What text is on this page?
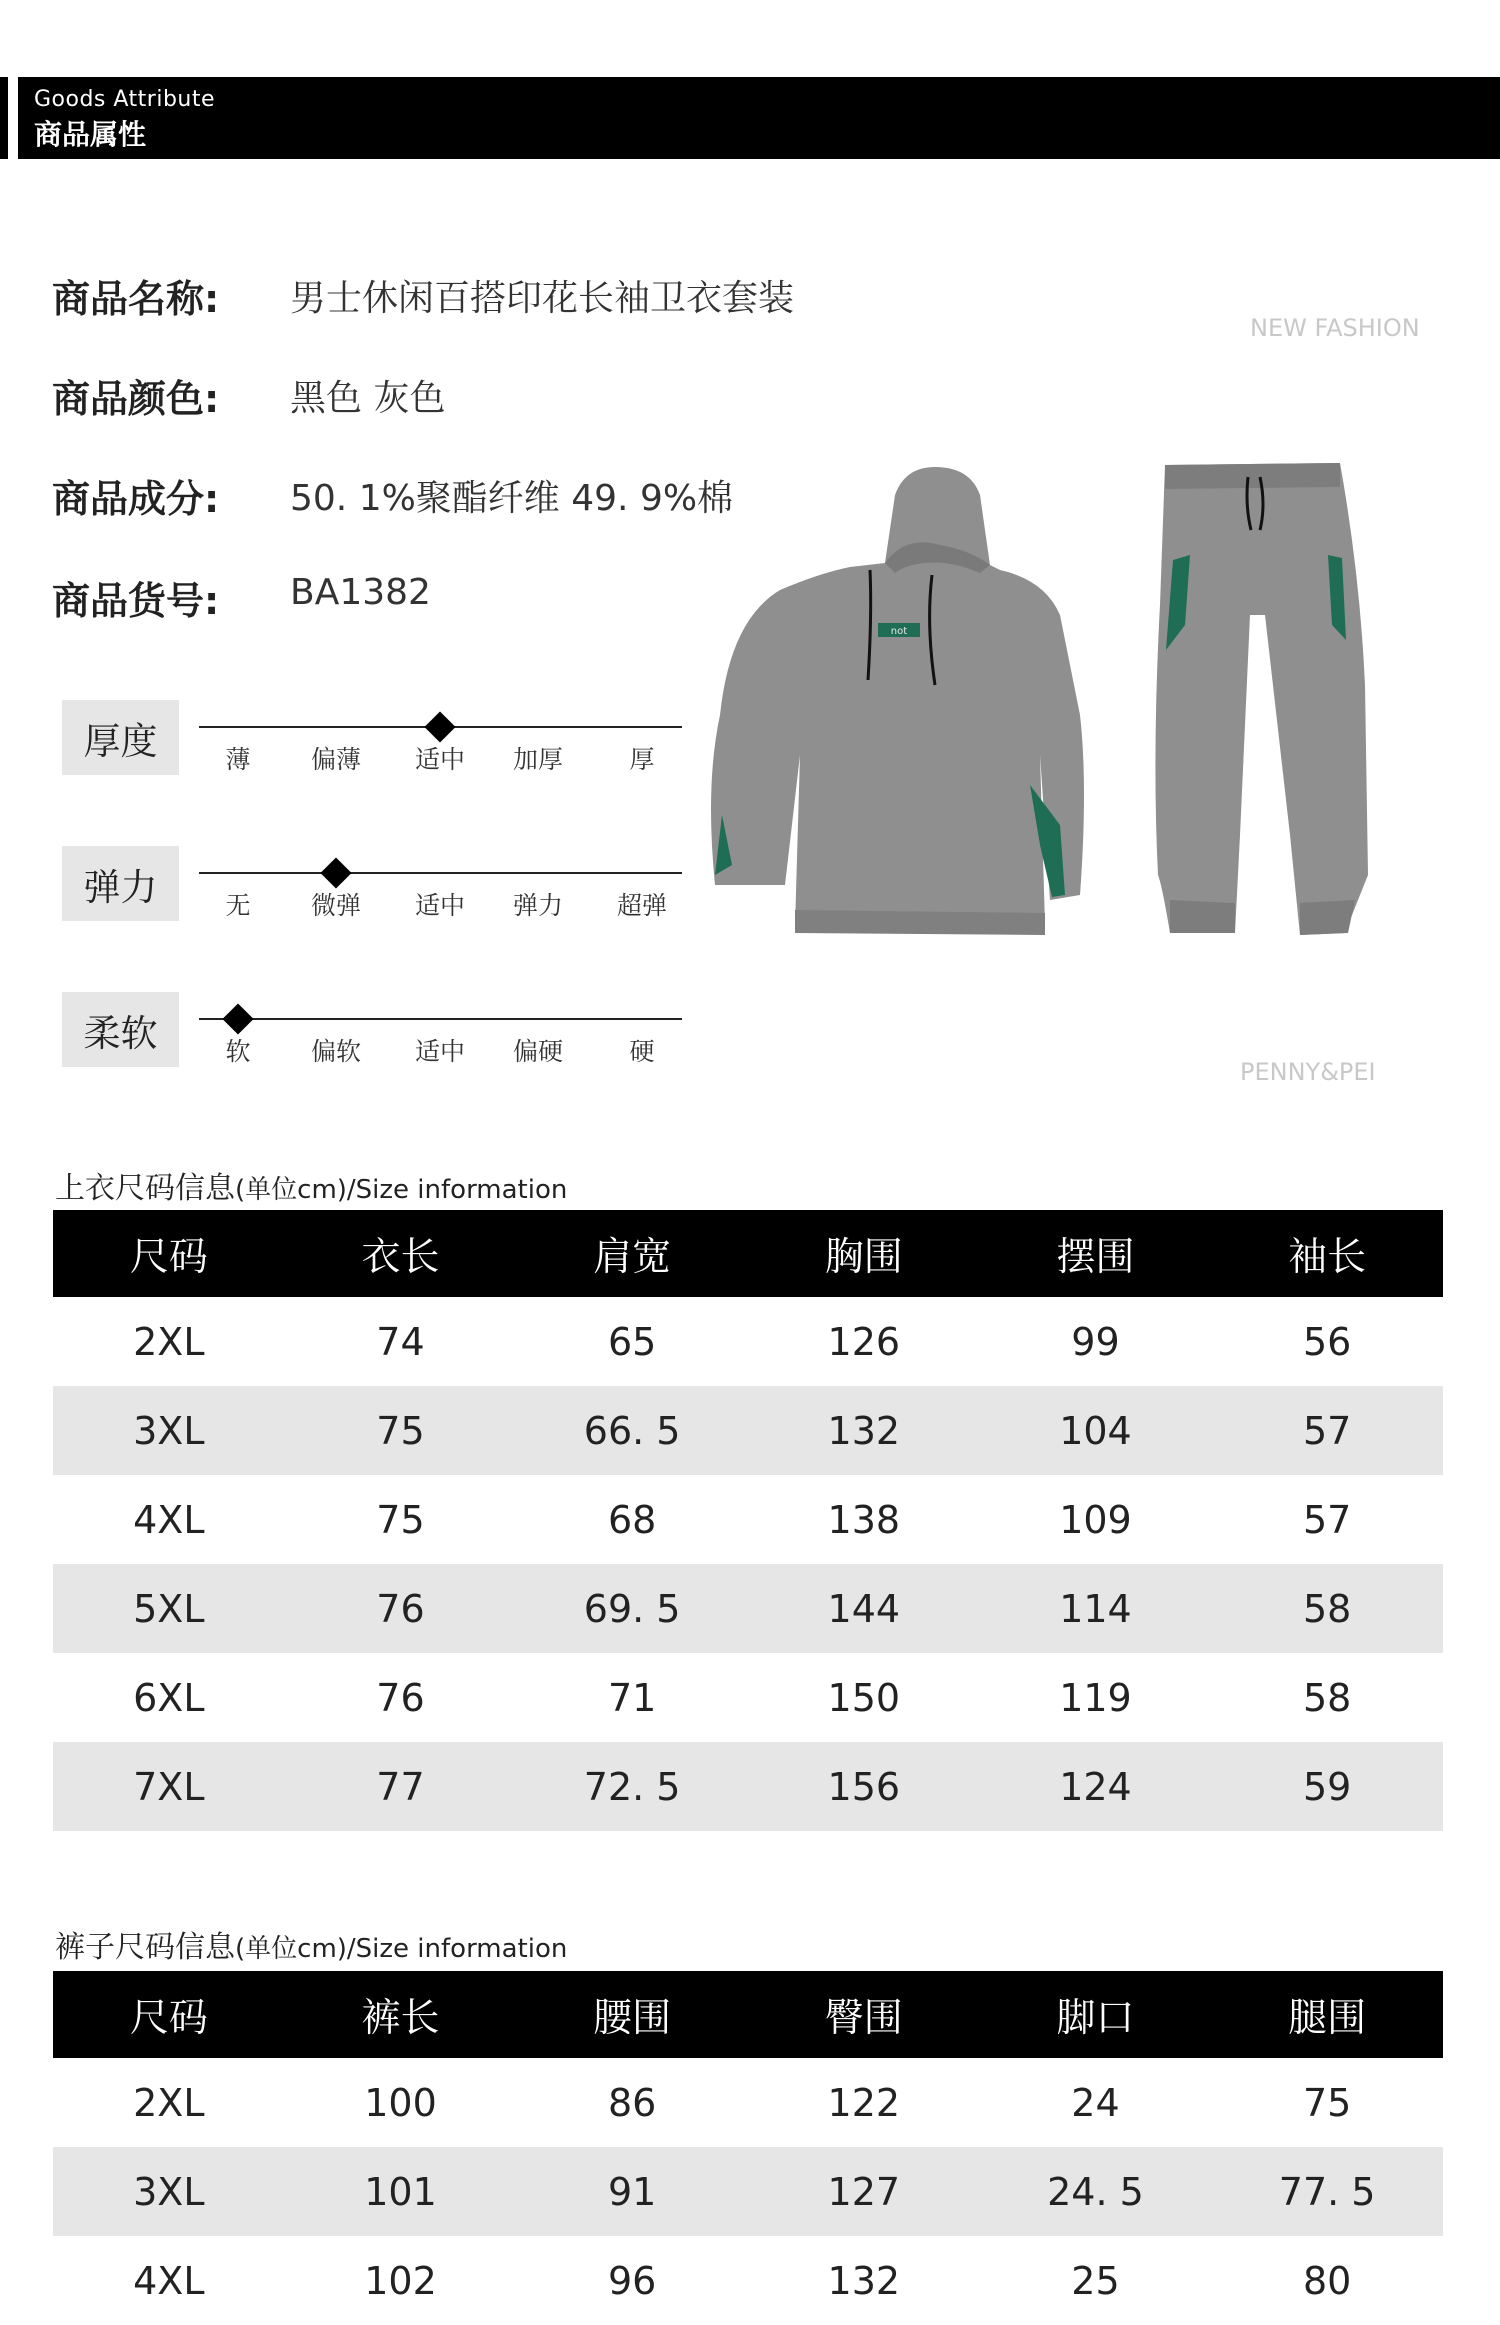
Goods Attribute
商品属性
商品名称: 男士休闲百搭印花长袖卫衣套装
商品颜色: 黑色 灰色
商品成分: 50. 1%聚酯纤维 49. 9%棉
商品货号: BA1382
NEW FASHION
PENNY&PEI
厚度	薄	偏薄	适中	加厚	厚
弹力	无	微弹	适中	弹力	超弹
柔软	软	偏软	适中	偏硬	硬
not
上衣尺码信息(单位cm)/Size information
尺码	衣长	肩宽	胸围	摆围	袖长
2XL	74	65	126	99	56
3XL	75	66. 5	132	104	57
4XL	75	68	138	109	57
5XL	76	69. 5	144	114	58
6XL	76	71	150	119	58
7XL	77	72. 5	156	124	59
裤子尺码信息(单位cm)/Size information
尺码	裤长	腰围	臀围	脚口	腿围
2XL	100	86	122	24	75
3XL	101	91	127	24. 5	77. 5
4XL	102	96	132	25	80
